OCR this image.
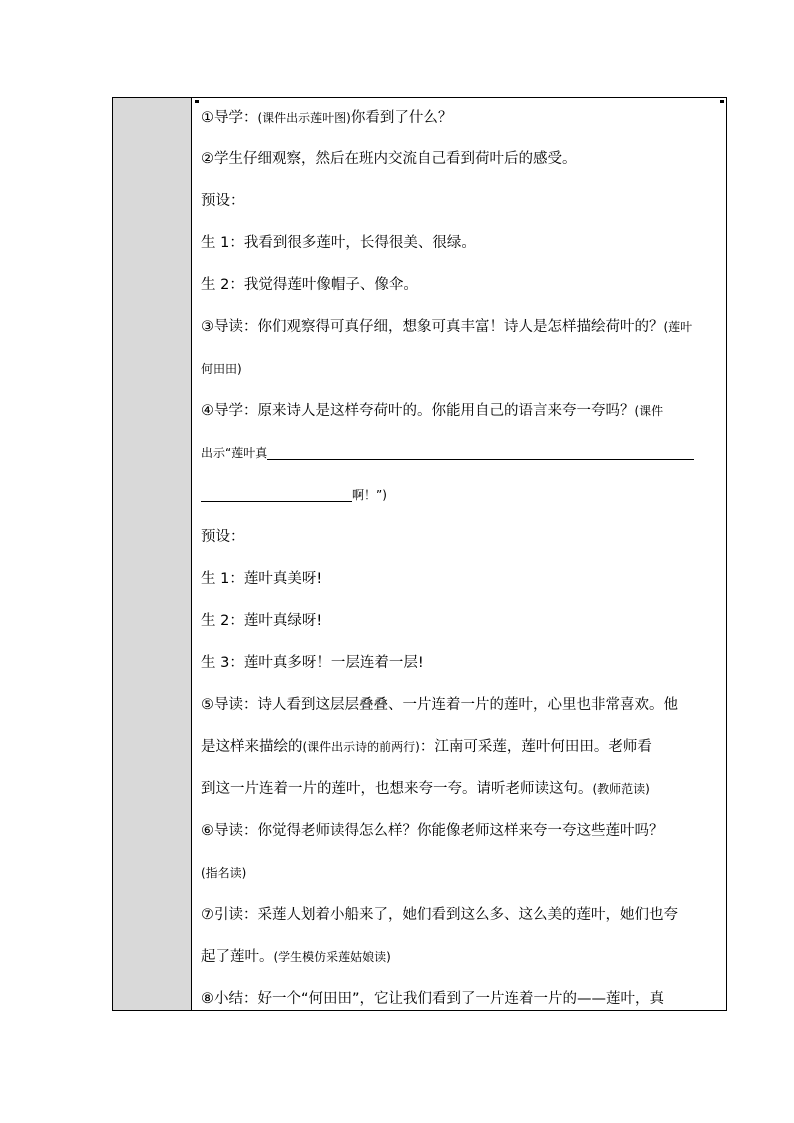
①导学：(课件出示莲叶图)你看到了什么？
②学生仔细观察，然后在班内交流自己看到荷叶后的感受。
预设：
生 1：我看到很多莲叶，长得很美、很绿。
生 2：我觉得莲叶像帽子、像伞。
③导读：你们观察得可真仔细，想象可真丰富！诗人是怎样描绘荷叶的？(莲叶
何田田)
④导学：原来诗人是这样夸荷叶的。你能用自己的语言来夸一夸吗？(课件
出示“莲叶真
啊！”)
预设：
生 1：莲叶真美呀!
生 2：莲叶真绿呀!
生 3：莲叶真多呀！一层连着一层!
⑤导读：诗人看到这层层叠叠、一片连着一片的莲叶，心里也非常喜欢。他
是这样来描绘的(课件出示诗的前两行)：江南可采莲，莲叶何田田。老师看
到这一片连着一片的莲叶，也想来夸一夸。请听老师读这句。(教师范读)
⑥导读：你觉得老师读得怎么样？你能像老师这样来夸一夸这些莲叶吗？
(指名读)
⑦引读：采莲人划着小船来了，她们看到这么多、这么美的莲叶，她们也夸
起了莲叶。(学生模仿采莲姑娘读)
⑧小结：好一个“何田田”，它让我们看到了一片连着一片的——莲叶，真
